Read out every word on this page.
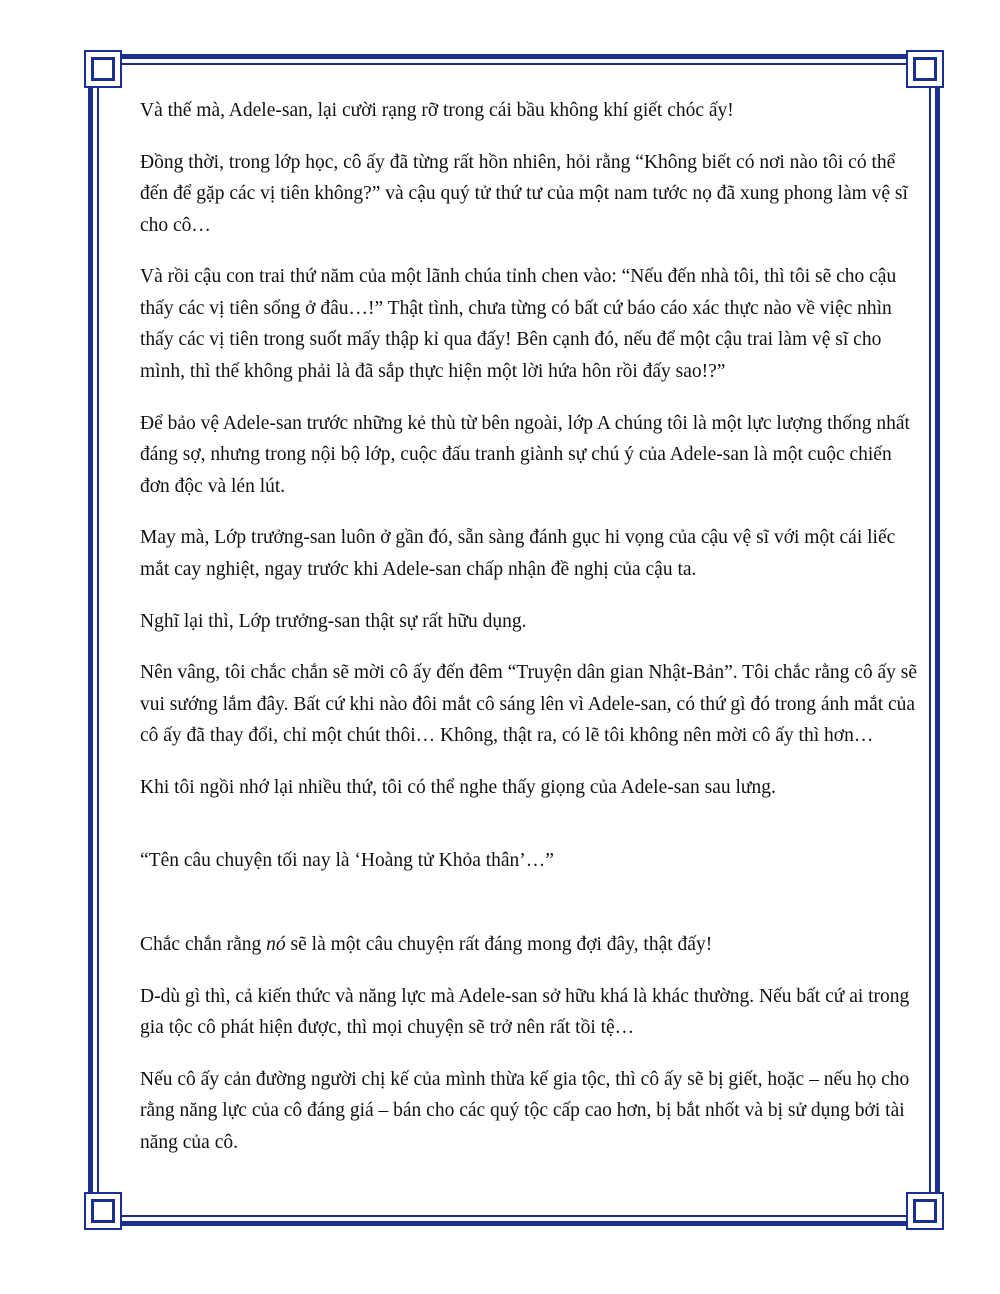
Và thế mà, Adele-san, lại cười rạng rỡ trong cái bầu không khí giết chóc ấy!

Đồng thời, trong lớp học, cô ấy đã từng rất hồn nhiên, hỏi rằng “Không biết có nơi nào tôi có thể đến để gặp các vị tiên không?” và cậu quý tử thứ tư của một nam tước nọ đã xung phong làm vệ sĩ cho cô…

Và rồi cậu con trai thứ năm của một lãnh chúa tỉnh chen vào: “Nếu đến nhà tôi, thì tôi sẽ cho cậu thấy các vị tiên sống ở đâu…!” Thật tình, chưa từng có bất cứ báo cáo xác thực nào về việc nhìn thấy các vị tiên trong suốt mấy thập kỉ qua đấy! Bên cạnh đó, nếu để một cậu trai làm vệ sĩ cho mình, thì thế không phải là đã sắp thực hiện một lời hứa hôn rồi đấy sao!?”

Để bảo vệ Adele-san trước những kẻ thù từ bên ngoài, lớp A chúng tôi là một lực lượng thống nhất đáng sợ, nhưng trong nội bộ lớp, cuộc đấu tranh giành sự chú ý của Adele-san là một cuộc chiến đơn độc và lén lút.

May mà, Lớp trưởng-san luôn ở gần đó, sẵn sàng đánh gục hi vọng của cậu vệ sĩ với một cái liếc mắt cay nghiệt, ngay trước khi Adele-san chấp nhận đề nghị của cậu ta.

Nghĩ lại thì, Lớp trưởng-san thật sự rất hữu dụng.

Nên vâng, tôi chắc chắn sẽ mời cô ấy đến đêm “Truyện dân gian Nhật-Bản”. Tôi chắc rằng cô ấy sẽ vui sướng lắm đây. Bất cứ khi nào đôi mắt cô sáng lên vì Adele-san, có thứ gì đó trong ánh mắt của cô ấy đã thay đổi, chỉ một chút thôi… Không, thật ra, có lẽ tôi không nên mời cô ấy thì hơn…

Khi tôi ngồi nhớ lại nhiều thứ, tôi có thể nghe thấy giọng của Adele-san sau lưng.

“Tên câu chuyện tối nay là ‘Hoàng tử Khỏa thân’…”

Chắc chắn rằng nó sẽ là một câu chuyện rất đáng mong đợi đây, thật đấy!

D-dù gì thì, cả kiến thức và năng lực mà Adele-san sở hữu khá là khác thường. Nếu bất cứ ai trong gia tộc cô phát hiện được, thì mọi chuyện sẽ trở nên rất tồi tệ…

Nếu cô ấy cản đường người chị kế của mình thừa kế gia tộc, thì cô ấy sẽ bị giết, hoặc – nếu họ cho rằng năng lực của cô đáng giá – bán cho các quý tộc cấp cao hơn, bị bắt nhốt và bị sử dụng bởi tài năng của cô.
